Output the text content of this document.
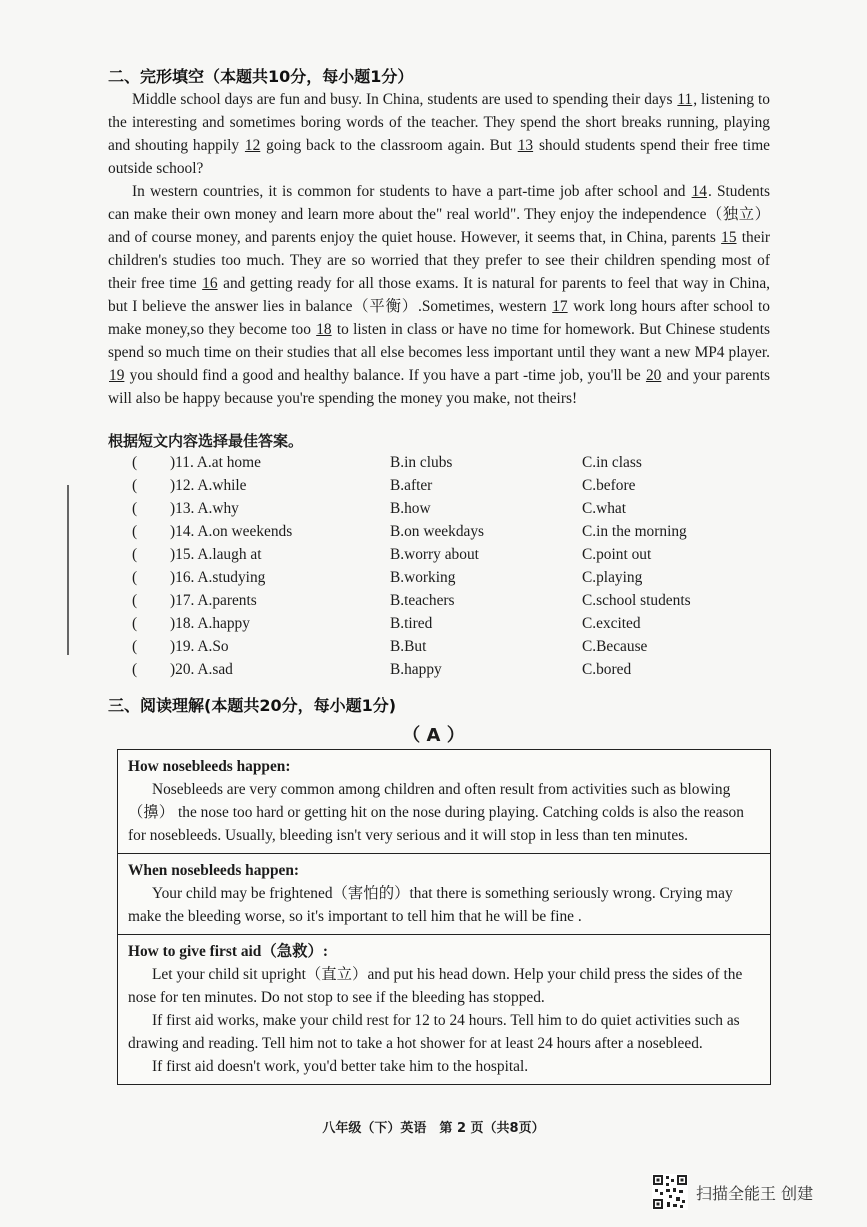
二、完形填空（本题共10分，每小题1分）

Middle school days are fun and busy. In China, students are used to spending their days 11, listening to the interesting and sometimes boring words of the teacher. They spend the short breaks running, playing and shouting happily 12 going back to the classroom again. But 13 should students spend their free time outside school?

In western countries, it is common for students to have a part-time job after school and 14. Students can make their own money and learn more about the" real world". They enjoy the independence（独立）and of course money, and parents enjoy the quiet house. However, it seems that, in China, parents 15 their children's studies too much. They are so worried that they prefer to see their children spending most of their free time 16 and getting ready for all those exams. It is natural for parents to feel that way in China, but I believe the answer lies in balance（平衡）.Sometimes, western 17 work long hours after school to make money,so they become too 18 to listen in class or have no time for homework. But Chinese students spend so much time on their studies that all else becomes less important until they want a new MP4 player. 19 you should find a good and healthy balance. If you have a part -time job, you'll be 20 and your parents will also be happy because you're spending the money you make, not theirs!

根据短文内容选择最佳答案。
( )11. A.at home	B.in clubs	C.in class
( )12. A.while	B.after	C.before
( )13. A.why	B.how	C.what
( )14. A.on weekends	B.on weekdays	C.in the morning
( )15. A.laugh at	B.worry about	C.point out
( )16. A.studying	B.working	C.playing
( )17. A.parents	B.teachers	C.school students
( )18. A.happy	B.tired	C.excited
( )19. A.So	B.But	C.Because
( )20. A.sad	B.happy	C.bored
三、阅读理解(本题共20分，每小题1分)
（ A ）
How nosebleeds happen:

Nosebleeds are very common among children and often result from activities such as blowing（擤） the nose too hard or getting hit on the nose during playing. Catching colds is also the reason for nosebleeds. Usually, bleeding isn't very serious and it will stop in less than ten minutes.

When nosebleeds happen:

Your child may be frightened（害怕的）that there is something seriously wrong. Crying may make the bleeding worse, so it's important to tell him that he will be fine .

How to give first aid（急救）:

Let your child sit upright（直立）and put his head down. Help your child press the sides of the nose for ten minutes. Do not stop to see if the bleeding has stopped.

If first aid works, make your child rest for 12 to 24 hours. Tell him to do quiet activities such as drawing and reading. Tell him not to take a hot shower for at least 24 hours after a nosebleed.

If first aid doesn't work, you'd better take him to the hospital.

八年级（下）英语　第 2 页（共8页）
扫描全能王 创建
